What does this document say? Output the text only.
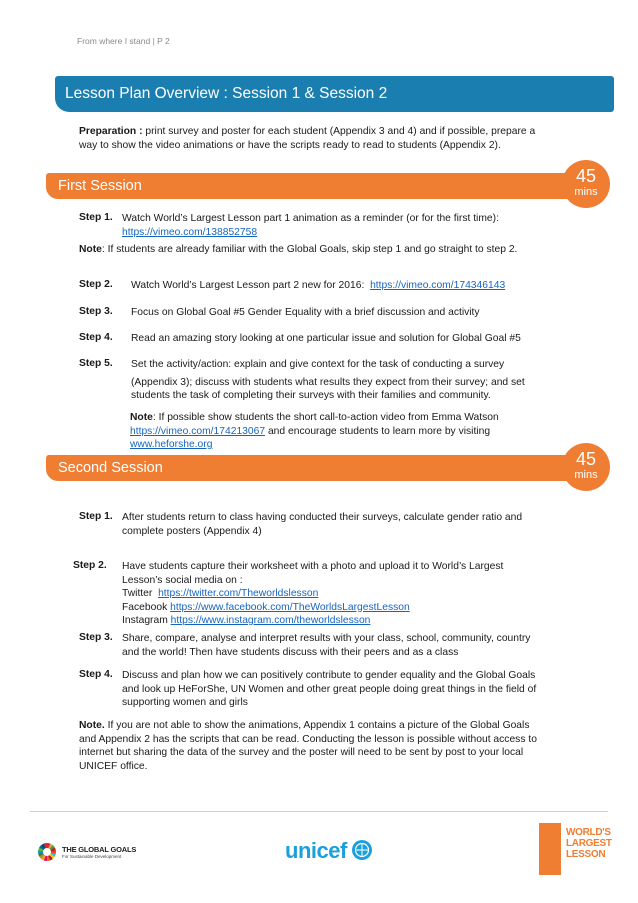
From where I stand | P 2
Lesson Plan Overview : Session 1 & Session 2
Preparation : print survey and poster for each student (Appendix 3 and 4) and if possible, prepare a
way to show the video animations or have the scripts ready to read to students (Appendix 2).
First Session	45
mins
Step 1. Watch World’s Largest Lesson part 1 animation as a reminder (or for the first time):
https://vimeo.com/138852758
Note: If students are already familiar with the Global Goals, skip step 1 and go straight to step 2.
Step 2. Watch World’s Largest Lesson part 2 new for 2016: https://vimeo.com/174346143
Step 3. Focus on Global Goal #5 Gender Equality with a brief discussion and activity
Step 4. Read an amazing story looking at one particular issue and solution for Global Goal #5
Step 5. Set the activity/action: explain and give context for the task of conducting a survey
(Appendix 3); discuss with students what results they expect from their survey; and set
students the task of completing their surveys with their families and community.
Note: If possible show students the short call-to-action video from Emma Watson
https://vimeo.com/174213067 and encourage students to learn more by visiting
www.heforshe.org
Second Session	45
mins
Step 1. After students return to class having conducted their surveys, calculate gender ratio and
complete posters (Appendix 4)
Step 2. Have students capture their worksheet with a photo and upload it to World’s Largest
Lesson’s social media on :
Twitter https://twitter.com/Theworldslesson
Facebook https://www.facebook.com/TheWorldsLargestLesson
Instagram https://www.instagram.com/theworldslesson
Step 3. Share, compare, analyse and interpret results with your class, school, community, country
and the world! Then have students discuss with their peers and as a class
Step 4. Discuss and plan how we can positively contribute to gender equality and the Global Goals
and look up HeForShe, UN Women and other great people doing great things in the field of
supporting women and girls
Note. If you are not able to show the animations, Appendix 1 contains a picture of the Global Goals
and Appendix 2 has the scripts that can be read. Conducting the lesson is possible without access to
internet but sharing the data of the survey and the poster will need to be sent by post to your local
UNICEF office.
THE GLOBAL GOALS
For Sustainable Development	unicef
WORLD'S
LARGEST
LESSON
